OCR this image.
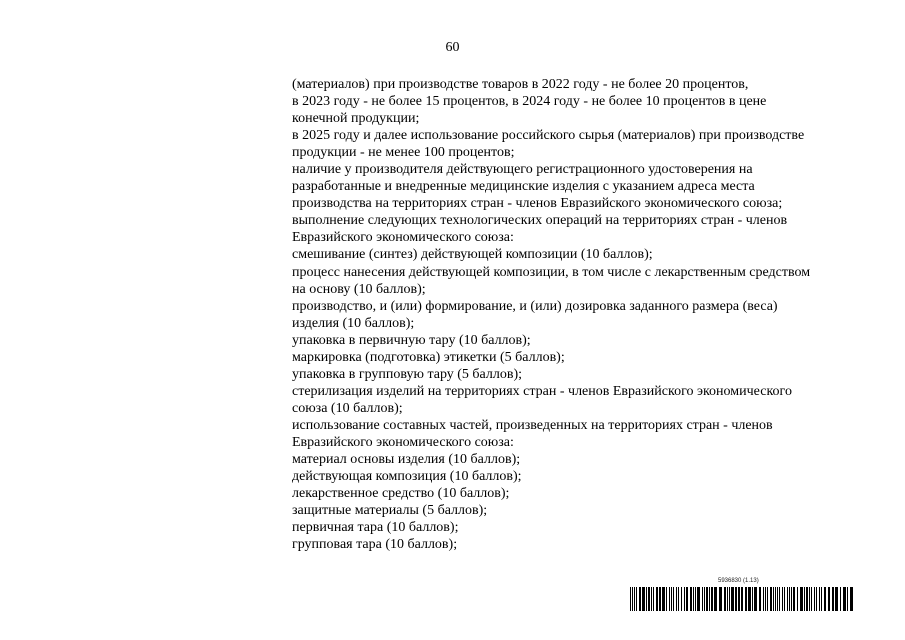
60
(материалов) при производстве товаров в 2022 году - не более 20 процентов,
в 2023 году - не более 15 процентов, в 2024 году - не более 10 процентов в цене
конечной продукции;
в 2025 году и далее использование российского сырья (материалов) при производстве
продукции - не менее 100 процентов;
наличие у производителя действующего регистрационного удостоверения на
разработанные и внедренные медицинские изделия с указанием адреса места
производства на территориях стран - членов Евразийского экономического союза;
выполнение следующих технологических операций на территориях стран - членов
Евразийского экономического союза:
смешивание (синтез) действующей композиции (10 баллов);
процесс нанесения действующей композиции, в том числе с лекарственным средством
на основу (10 баллов);
производство, и (или) формирование, и (или) дозировка заданного размера (веса)
изделия (10 баллов);
упаковка в первичную тару (10 баллов);
маркировка (подготовка) этикетки (5 баллов);
упаковка в групповую тару (5 баллов);
стерилизация изделий на территориях стран - членов Евразийского экономического
союза (10 баллов);
использование составных частей, произведенных на территориях стран - членов
Евразийского экономического союза:
материал основы изделия (10 баллов);
действующая композиция (10 баллов);
лекарственное средство (10 баллов);
защитные материалы (5 баллов);
первичная тара (10 баллов);
групповая тара (10 баллов);
5936830 (1.13)
